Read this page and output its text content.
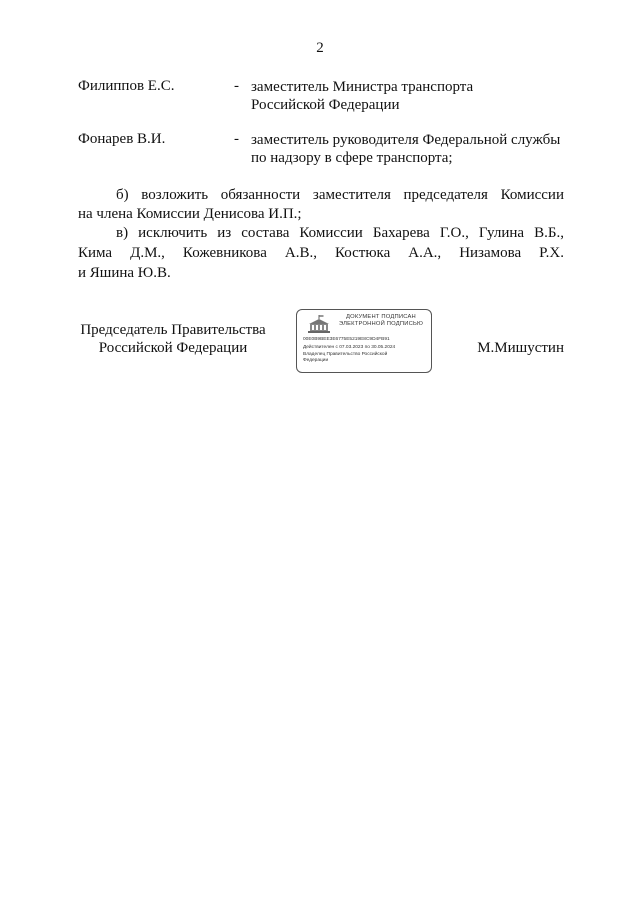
2
Филиппов Е.С.	- заместитель Министра транспорта
Российской Федерации
Фонарев В.И.	- заместитель руководителя Федеральной службы
по надзору в сфере транспорта;
б) возложить обязанности заместителя председателя Комиссии
на члена Комиссии Денисова И.П.;
в) исключить из состава Комиссии Бахарева Г.О., Гулина В.Б.,
Кима Д.М., Кожевникова А.В., Костюка А.А., Низамова Р.Х.
и Яшина Ю.В.
Председатель Правительства
Российской Федерации
ДОКУМЕНТ ПОДПИСАН
ЭЛЕКТРОННОЙ ПОДПИСЬЮ
00E0B9BEE3E6775E5219E8C9D4FB91
Действителен с 07.03.2023 по 30.05.2024
Владелец Правительство Российской
Федерации
М.Мишустин
